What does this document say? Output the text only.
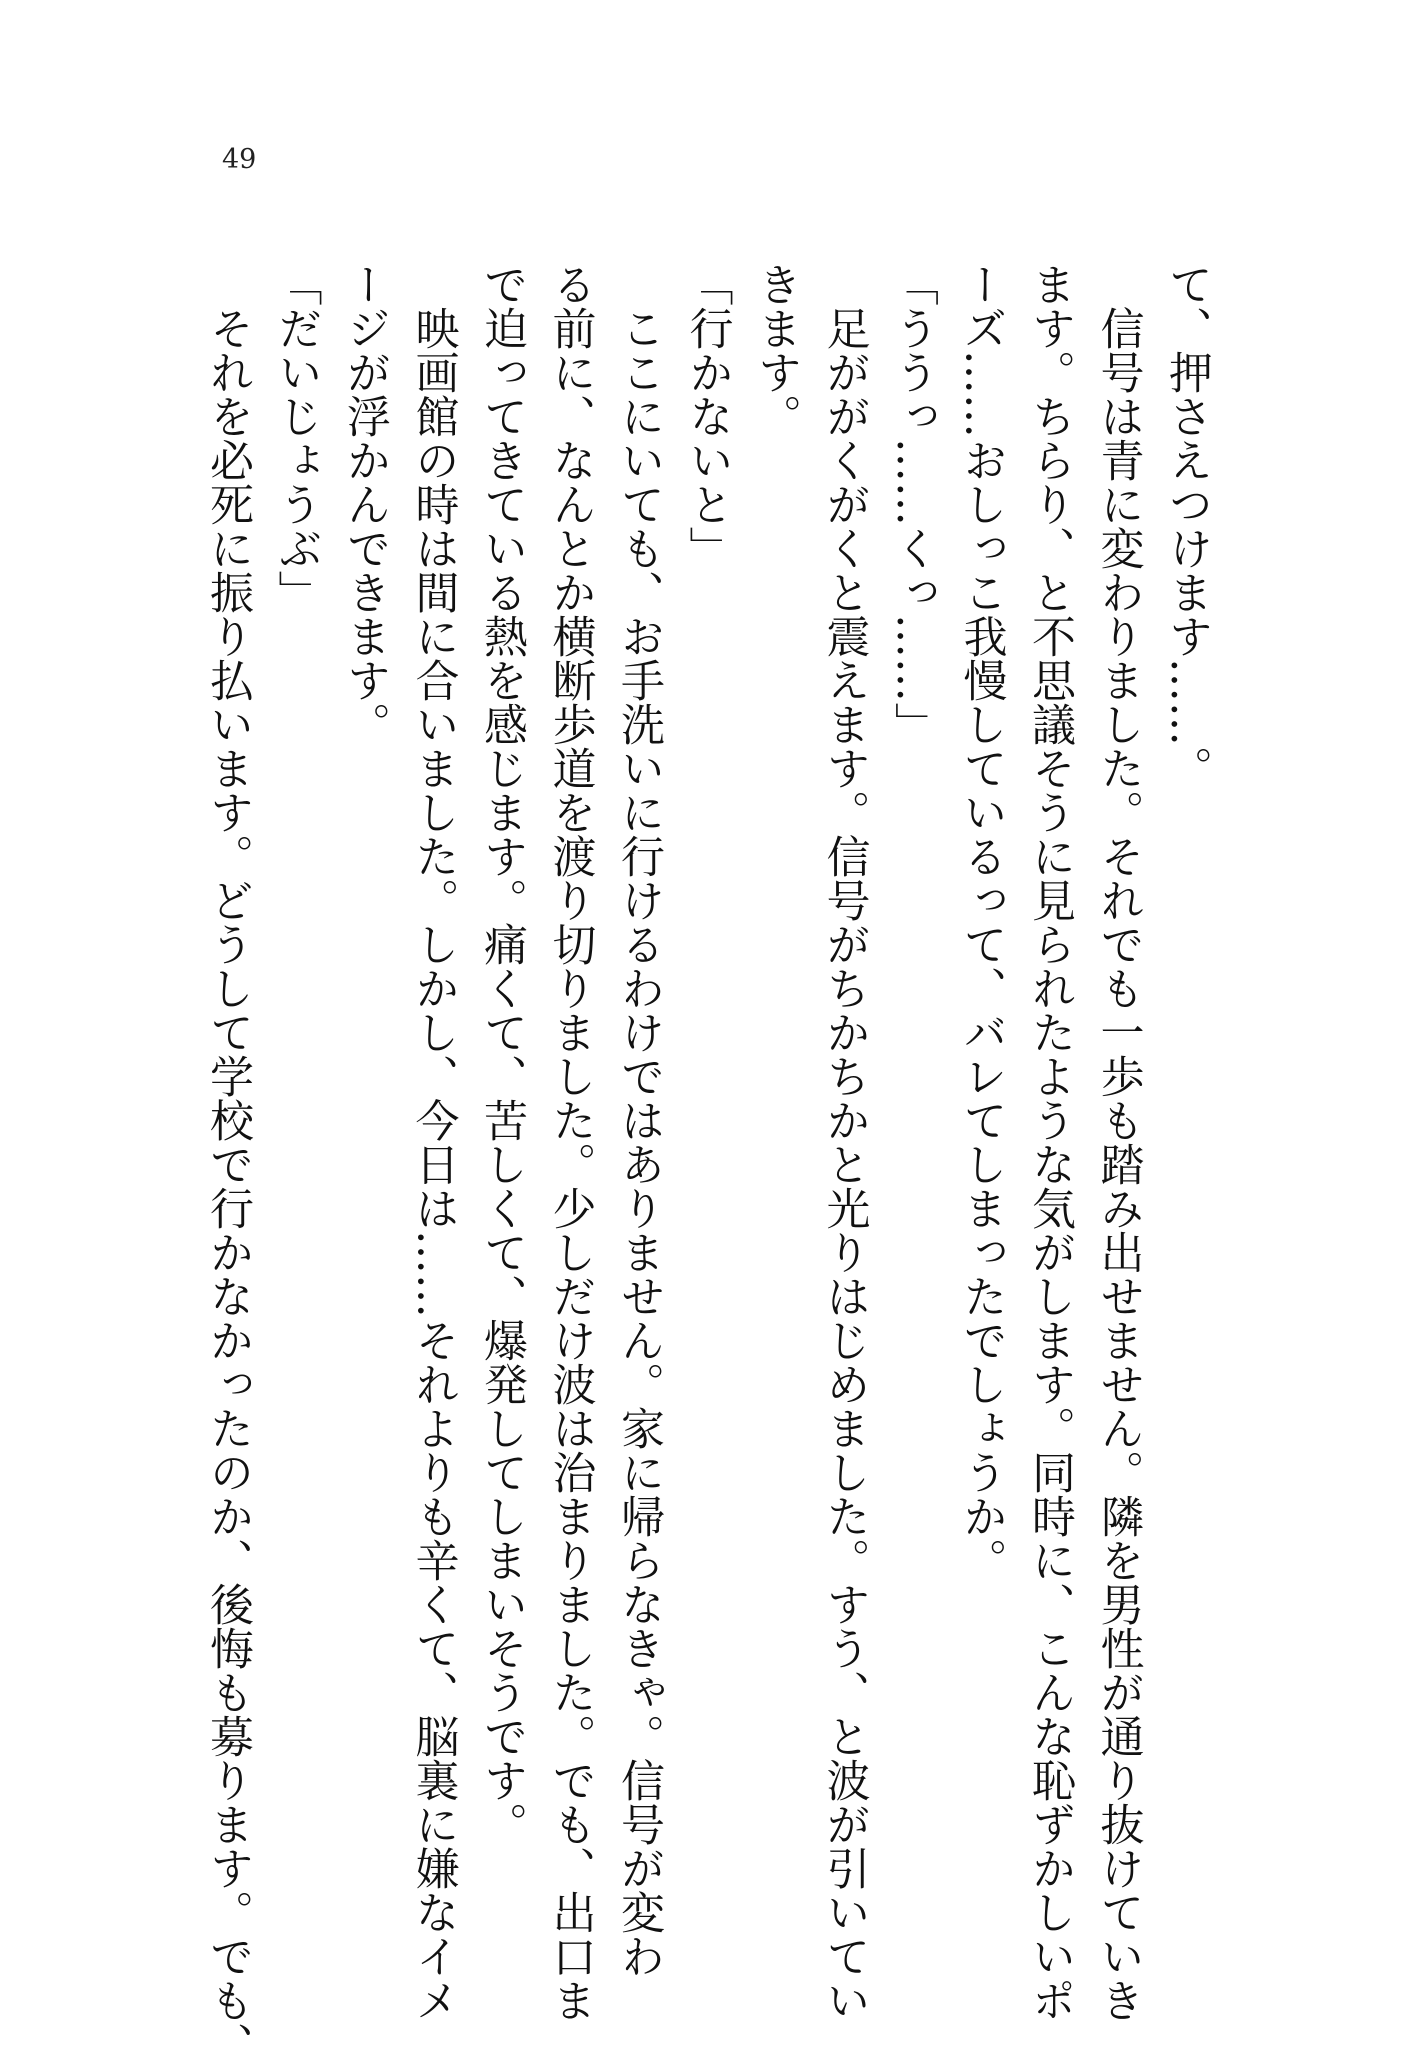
49
て、押さえつけます……。
　信号は青に変わりました。それでも一歩も踏み出せません。隣を男性が通り抜けていき
ます。ちらり、と不思議そうに見られたような気がします。同時に、こんな恥ずかしいポ
ーズ……おしっこ我慢しているって、バレてしまったでしょうか。
「ううっ……くっ……」
　足ががくがくと震えます。信号がちかちかと光りはじめました。すう、と波が引いてい
きます。
「行かないと」
　ここにいても、お手洗いに行けるわけではありません。家に帰らなきゃ。信号が変わ
る前に、なんとか横断歩道を渡り切りました。少しだけ波は治まりました。でも、出口ま
で迫ってきている熱を感じます。痛くて、苦しくて、爆発してしまいそうです。
　映画館の時は間に合いました。しかし、今日は……それよりも辛くて、脳裏に嫌なイメ
ージが浮かんできます。
「だいじょうぶ」
　それを必死に振り払います。どうして学校で行かなかったのか、後悔も募ります。でも、
